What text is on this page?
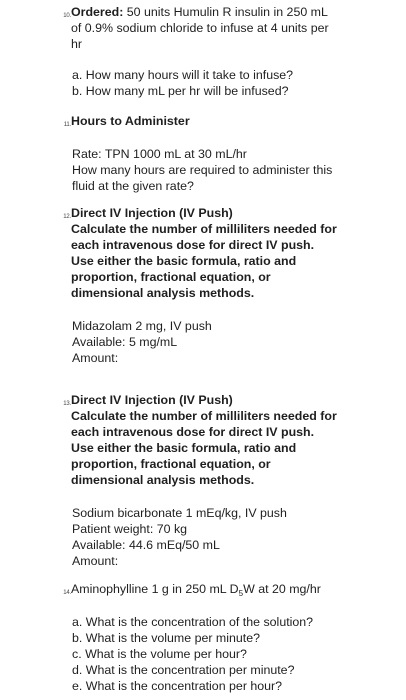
10. Ordered: 50 units Humulin R insulin in 250 mL
of 0.9% sodium chloride to infuse at 4 units per
hr
a. How many hours will it take to infuse?
b. How many mL per hr will be infused?
11. Hours to Administer
Rate: TPN 1000 mL at 30 mL/hr
How many hours are required to administer this
fluid at the given rate?
12. Direct IV Injection (IV Push)
Calculate the number of milliliters needed for
each intravenous dose for direct IV push.
Use either the basic formula, ratio and
proportion, fractional equation, or
dimensional analysis methods.
Midazolam 2 mg, IV push
Available: 5 mg/mL
Amount:
13. Direct IV Injection (IV Push)
Calculate the number of milliliters needed for
each intravenous dose for direct IV push.
Use either the basic formula, ratio and
proportion, fractional equation, or
dimensional analysis methods.
Sodium bicarbonate 1 mEq/kg, IV push
Patient weight: 70 kg
Available: 44.6 mEq/50 mL
Amount:
14. Aminophylline 1 g in 250 mL $D_5W$ at 20 mg/hr
a. What is the concentration of the solution?
b. What is the volume per minute?
c. What is the volume per hour?
d. What is the concentration per minute?
e. What is the concentration per hour?
